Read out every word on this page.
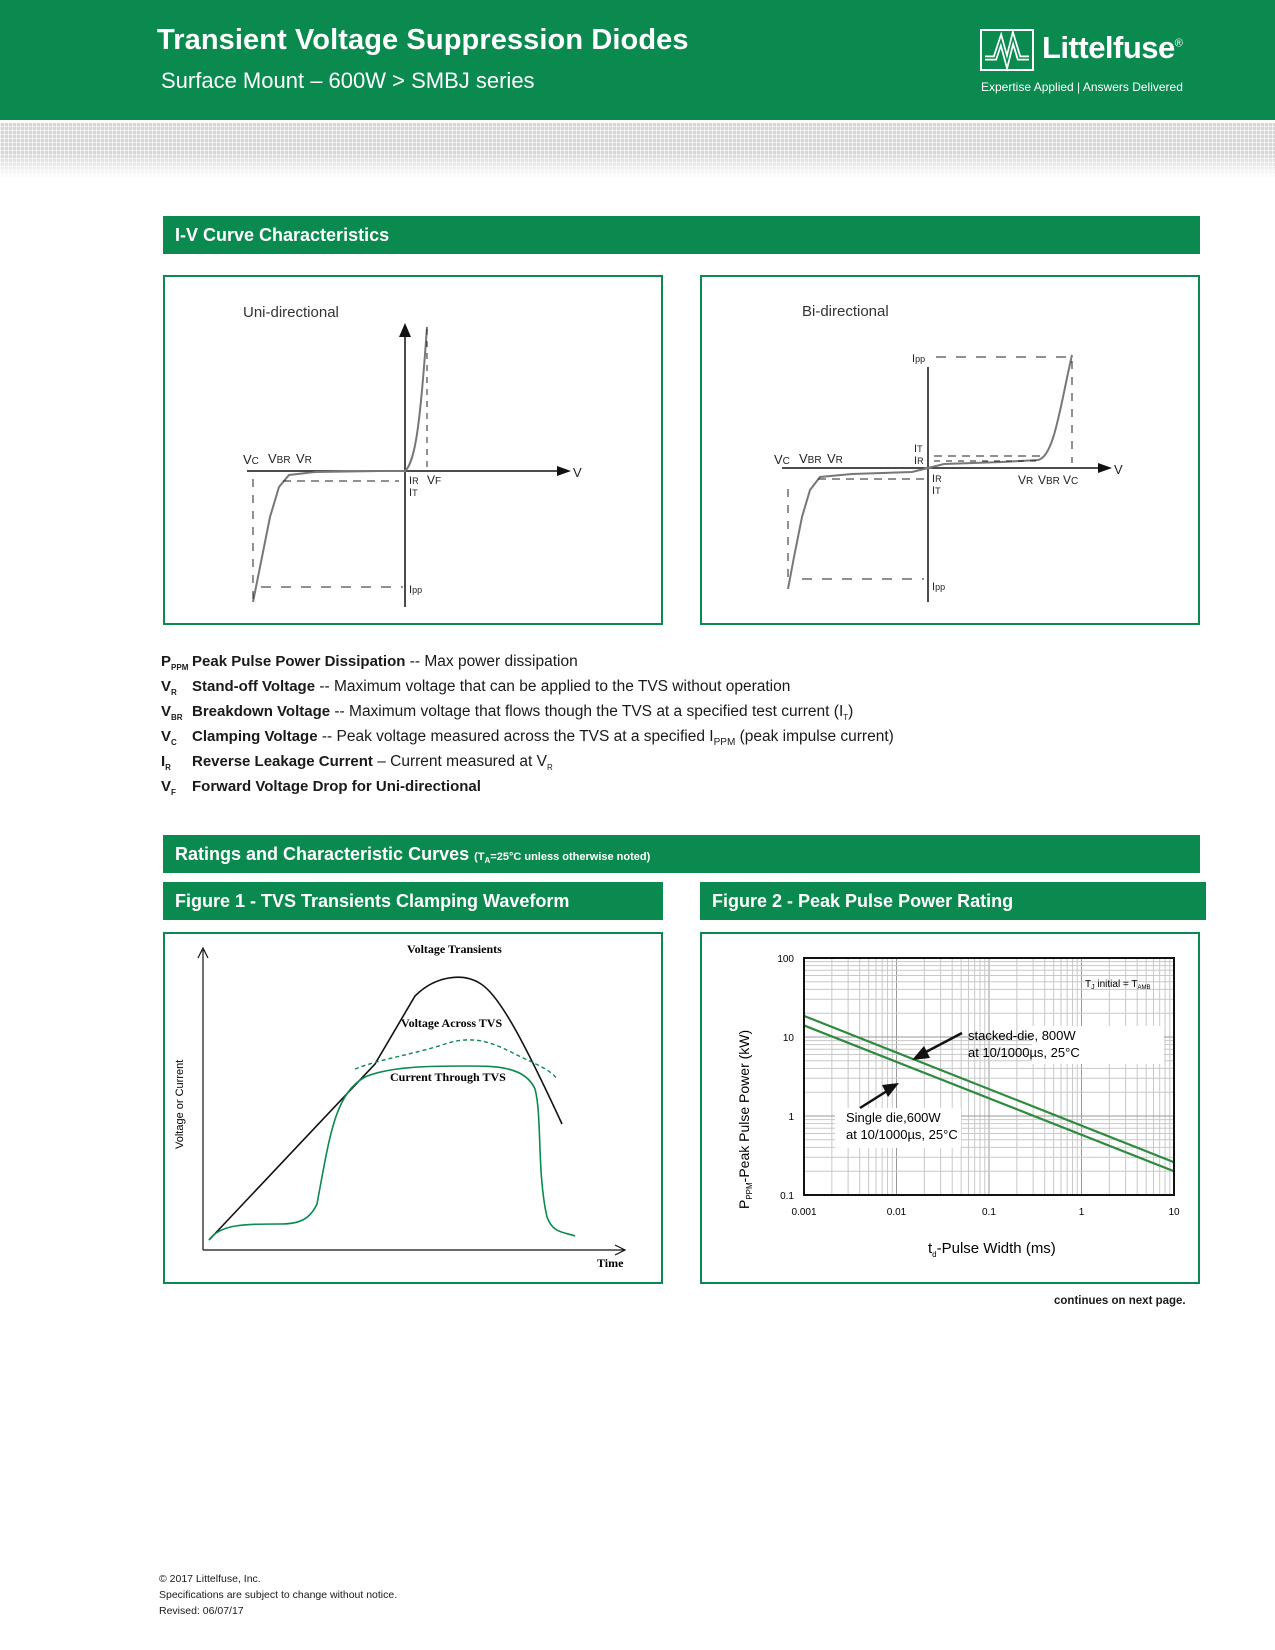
Transient Voltage Suppression Diodes
Surface Mount – 600W > SMBJ series
Littelfuse®
Expertise Applied | Answers Delivered
I-V Curve Characteristics
Uni-directional
VC VBR VR
IR
IT
VF
Ipp
V
Bi-directional
VC VBR VR
IR
IT
Ipp
IT
IR
Ipp
VR VBR VC
V
$P_{PPM}$ Peak Pulse Power Dissipation -- Max power dissipation
$V_R$ Stand-off Voltage -- Maximum voltage that can be applied to the TVS without operation
$V_{BR}$ Breakdown Voltage -- Maximum voltage that flows though the TVS at a specified test current $(I_T)$
$V_C$ Clamping Voltage -- Peak voltage measured across the TVS at a specified $I_{PPM}$ (peak impulse current)
$I_R$ Reverse Leakage Current – Current measured at $V_R$
$V_F$ Forward Voltage Drop for Uni-directional
Ratings and Characteristic Curves ($T_A=25^\circ C$ unless otherwise noted)
Figure 1 - TVS Transients Clamping Waveform	Figure 2 - Peak Pulse Power Rating
Voltage Transients
Voltage Across TVS
Current Through TVS
Voltage or Current
Time
0.001	0.01	0.1	1	10
100
10
1
0.1
$T_J$ initial = $T_{AMB}$
stacked-die, 800W
at 10/1000µs, 25°C
Single die,600W
at 10/1000µs, 25°C
$P_{PPM}$-Peak Pulse Power (kW)
$t_d$-Pulse Width (ms)
continues on next page.
© 2017 Littelfuse, Inc.
Specifications are subject to change without notice.
Revised: 06/07/17
